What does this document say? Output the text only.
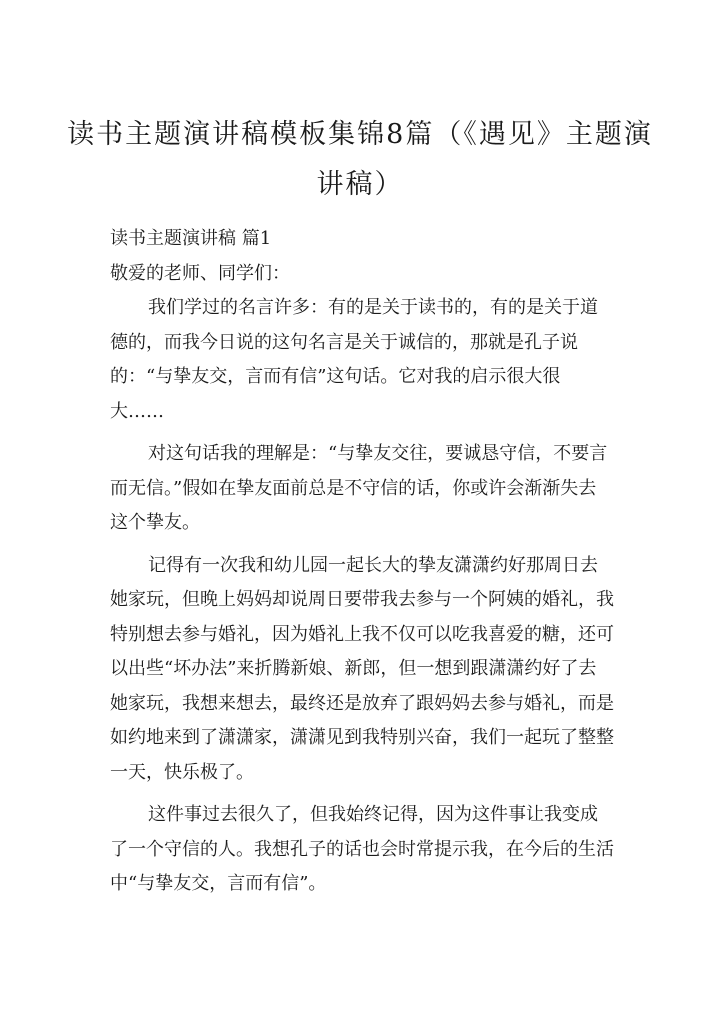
读书主题演讲稿模板集锦8篇（《遇见》主题演讲稿）

读书主题演讲稿 篇1

敬爱的老师、同学们：

我们学过的名言许多：有的是关于读书的，有的是关于道德的，而我今日说的这句名言是关于诚信的，那就是孔子说的：“与挚友交，言而有信”这句话。它对我的启示很大很大……

对这句话我的理解是：“与挚友交往，要诚恳守信，不要言而无信。”假如在挚友面前总是不守信的话，你或许会渐渐失去这个挚友。

记得有一次我和幼儿园一起长大的挚友潇潇约好那周日去她家玩，但晚上妈妈却说周日要带我去参与一个阿姨的婚礼，我特别想去参与婚礼，因为婚礼上我不仅可以吃我喜爱的糖，还可以出些“坏办法”来折腾新娘、新郎，但一想到跟潇潇约好了去她家玩，我想来想去，最终还是放弃了跟妈妈去参与婚礼，而是如约地来到了潇潇家，潇潇见到我特别兴奋，我们一起玩了整整一天，快乐极了。

这件事过去很久了，但我始终记得，因为这件事让我变成了一个守信的人。我想孔子的话也会时常提示我，在今后的生活中“与挚友交，言而有信”。
